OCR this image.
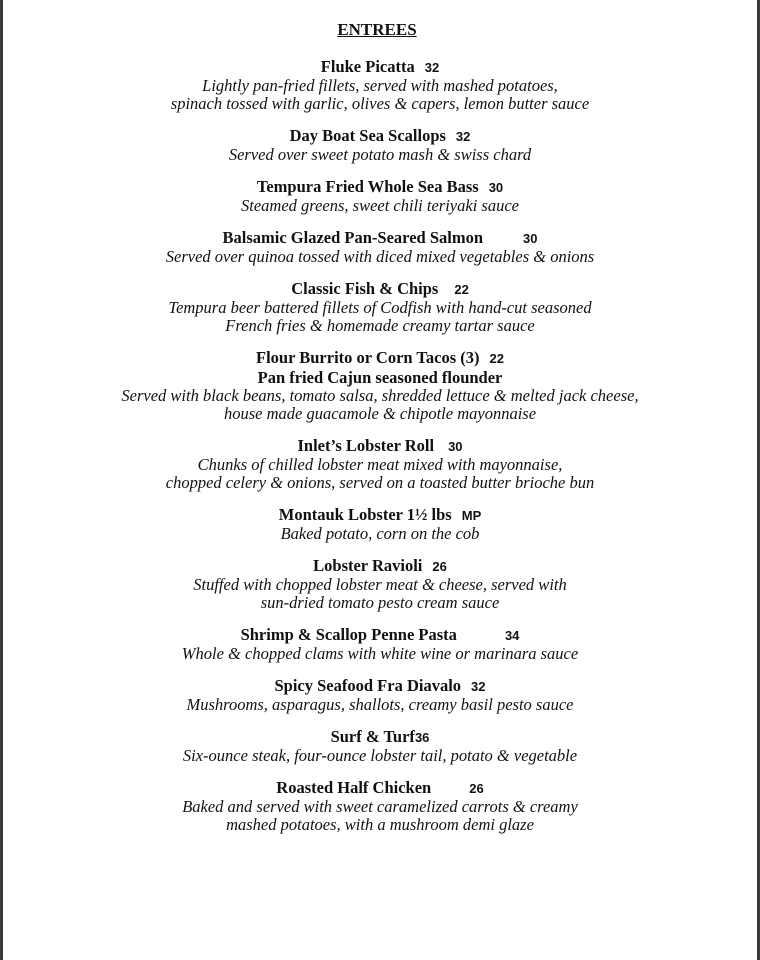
ENTREES
Fluke Picatta 32
Lightly pan-fried fillets, served with mashed potatoes,
spinach tossed with garlic, olives & capers, lemon butter sauce
Day Boat Sea Scallops 32
Served over sweet potato mash & swiss chard
Tempura Fried Whole Sea Bass 30
Steamed greens, sweet chili teriyaki sauce
Balsamic Glazed Pan-Seared Salmon	30
Served over quinoa tossed with diced mixed vegetables & onions
Classic Fish & Chips 22
Tempura beer battered fillets of Codfish with hand-cut seasoned
French fries & homemade creamy tartar sauce
Flour Burrito or Corn Tacos (3) 22
Pan fried Cajun seasoned flounder
Served with black beans, tomato salsa, shredded lettuce & melted jack cheese,
house made guacamole & chipotle mayonnaise
Inlet’s Lobster Roll 30
Chunks of chilled lobster meat mixed with mayonnaise,
chopped celery & onions, served on a toasted butter brioche bun
Montauk Lobster 1½ lbs MP
Baked potato, corn on the cob
Lobster Ravioli 26
Stuffed with chopped lobster meat & cheese, served with
sun-dried tomato pesto cream sauce
Shrimp & Scallop Penne Pasta	34
Whole & chopped clams with white wine or marinara sauce
Spicy Seafood Fra Diavalo 32
Mushrooms, asparagus, shallots, creamy basil pesto sauce
Surf & Turf36
Six-ounce steak, four-ounce lobster tail, potato & vegetable
Roasted Half Chicken	26
Baked and served with sweet caramelized carrots & creamy
mashed potatoes, with a mushroom demi glaze
